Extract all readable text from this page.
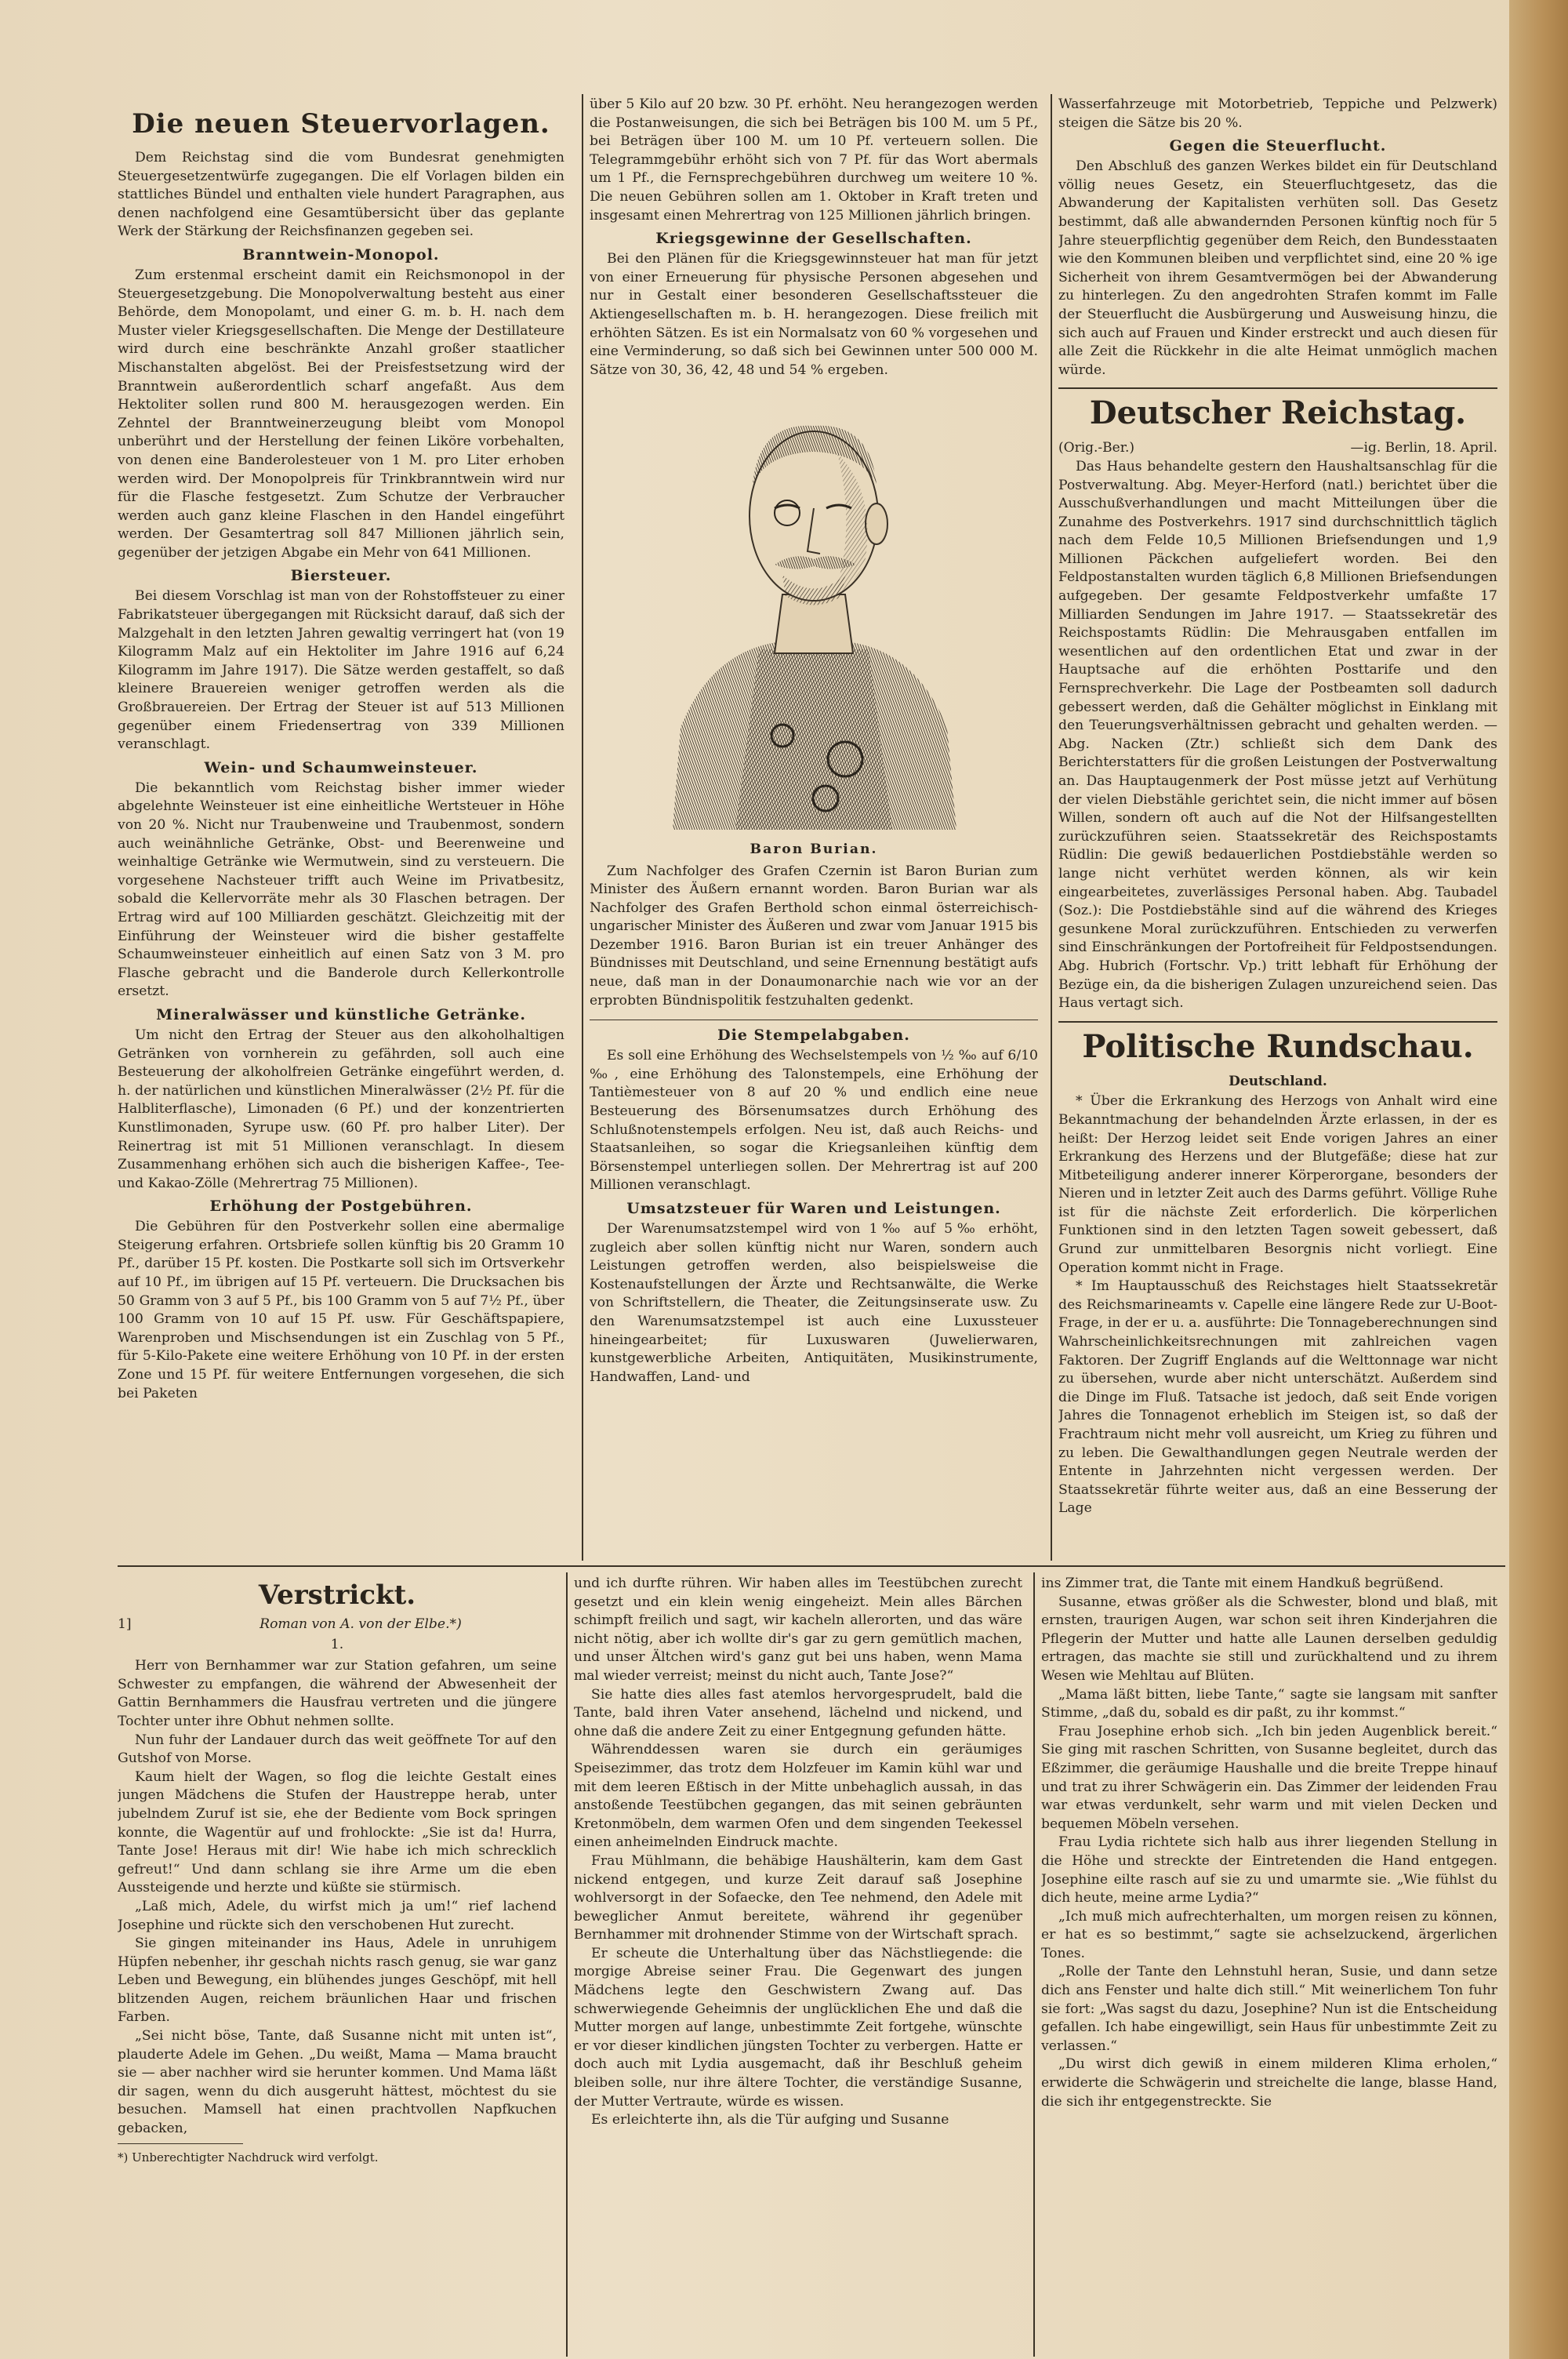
Die neuen Steuervorlagen.

Dem Reichstag sind die vom Bundesrat genehmigten Steuergesetzentwürfe zugegangen. Die elf Vorlagen bilden ein stattliches Bündel und enthalten viele hundert Paragraphen, aus denen nachfolgend eine Gesamtübersicht über das geplante Werk der Stärkung der Reichsfinanzen gegeben sei.

Branntwein-Monopol.

Zum erstenmal erscheint damit ein Reichsmonopol in der Steuergesetzgebung. Die Monopolverwaltung besteht aus einer Behörde, dem Monopolamt, und einer G. m. b. H. nach dem Muster vieler Kriegsgesellschaften. Die Menge der Destillateure wird durch eine beschränkte Anzahl großer staatlicher Mischanstalten abgelöst. Bei der Preisfestsetzung wird der Branntwein außerordentlich scharf angefaßt. Aus dem Hektoliter sollen rund 800 M. herausgezogen werden. Ein Zehntel der Branntweinerzeugung bleibt vom Monopol unberührt und der Herstellung der feinen Liköre vorbehalten, von denen eine Banderolesteuer von 1 M. pro Liter erhoben werden wird. Der Monopolpreis für Trinkbranntwein wird nur für die Flasche festgesetzt. Zum Schutze der Verbraucher werden auch ganz kleine Flaschen in den Handel eingeführt werden. Der Gesamtertrag soll 847 Millionen jährlich sein, gegenüber der jetzigen Abgabe ein Mehr von 641 Millionen.

Biersteuer.

Bei diesem Vorschlag ist man von der Rohstoffsteuer zu einer Fabrikatsteuer übergegangen mit Rücksicht darauf, daß sich der Malzgehalt in den letzten Jahren gewaltig verringert hat (von 19 Kilogramm Malz auf ein Hektoliter im Jahre 1916 auf 6,24 Kilogramm im Jahre 1917). Die Sätze werden gestaffelt, so daß kleinere Brauereien weniger getroffen werden als die Großbrauereien. Der Ertrag der Steuer ist auf 513 Millionen gegenüber einem Friedensertrag von 339 Millionen veranschlagt.

Wein- und Schaumweinsteuer.

Die bekanntlich vom Reichstag bisher immer wieder abgelehnte Weinsteuer ist eine einheitliche Wertsteuer in Höhe von 20 %. Nicht nur Traubenweine und Traubenmost, sondern auch weinähnliche Getränke, Obst- und Beerenweine und weinhaltige Getränke wie Wermutwein, sind zu versteuern. Die vorgesehene Nachsteuer trifft auch Weine im Privatbesitz, sobald die Kellervorräte mehr als 30 Flaschen betragen. Der Ertrag wird auf 100 Milliarden geschätzt. Gleichzeitig mit der Einführung der Weinsteuer wird die bisher gestaffelte Schaumweinsteuer einheitlich auf einen Satz von 3 M. pro Flasche gebracht und die Banderole durch Kellerkontrolle ersetzt.

Mineralwässer und künstliche Getränke.

Um nicht den Ertrag der Steuer aus den alkoholhaltigen Getränken von vornherein zu gefährden, soll auch eine Besteuerung der alkoholfreien Getränke eingeführt werden, d. h. der natürlichen und künstlichen Mineralwässer (2½ Pf. für die Halbliterflasche), Limonaden (6 Pf.) und der konzentrierten Kunstlimonaden, Syrupe usw. (60 Pf. pro halber Liter). Der Reinertrag ist mit 51 Millionen veranschlagt. In diesem Zusammenhang erhöhen sich auch die bisherigen Kaffee-, Tee- und Kakao-Zölle (Mehrertrag 75 Millionen).

Erhöhung der Postgebühren.

Die Gebühren für den Postverkehr sollen eine abermalige Steigerung erfahren. Ortsbriefe sollen künftig bis 20 Gramm 10 Pf., darüber 15 Pf. kosten. Die Postkarte soll sich im Ortsverkehr auf 10 Pf., im übrigen auf 15 Pf. verteuern. Die Drucksachen bis 50 Gramm von 3 auf 5 Pf., bis 100 Gramm von 5 auf 7½ Pf., über 100 Gramm von 10 auf 15 Pf. usw. Für Geschäftspapiere, Warenproben und Mischsendungen ist ein Zuschlag von 5 Pf., für 5-Kilo-Pakete eine weitere Erhöhung von 10 Pf. in der ersten Zone und 15 Pf. für weitere Entfernungen vorgesehen, die sich bei Paketen

über 5 Kilo auf 20 bzw. 30 Pf. erhöht. Neu herangezogen werden die Postanweisungen, die sich bei Beträgen bis 100 M. um 5 Pf., bei Beträgen über 100 M. um 10 Pf. verteuern sollen. Die Telegrammgebühr erhöht sich von 7 Pf. für das Wort abermals um 1 Pf., die Fernsprechgebühren durchweg um weitere 10 %. Die neuen Gebühren sollen am 1. Oktober in Kraft treten und insgesamt einen Mehrertrag von 125 Millionen jährlich bringen.

Kriegsgewinne der Gesellschaften.

Bei den Plänen für die Kriegsgewinnsteuer hat man für jetzt von einer Erneuerung für physische Personen abgesehen und nur in Gestalt einer besonderen Gesellschaftssteuer die Aktiengesellschaften m. b. H. herangezogen. Diese freilich mit erhöhten Sätzen. Es ist ein Normalsatz von 60 % vorgesehen und eine Verminderung, so daß sich bei Gewinnen unter 500 000 M. Sätze von 30, 36, 42, 48 und 54 % ergeben.

Baron Burian.

Zum Nachfolger des Grafen Czernin ist Baron Burian zum Minister des Äußern ernannt worden. Baron Burian war als Nachfolger des Grafen Berthold schon einmal österreichisch-ungarischer Minister des Äußeren und zwar vom Januar 1915 bis Dezember 1916. Baron Burian ist ein treuer Anhänger des Bündnisses mit Deutschland, und seine Ernennung bestätigt aufs neue, daß man in der Donaumonarchie nach wie vor an der erprobten Bündnispolitik festzuhalten gedenkt.

Die Stempelabgaben.

Es soll eine Erhöhung des Wechselstempels von ½ ‰ auf 6/10 ‰, eine Erhöhung des Talonstempels, eine Erhöhung der Tantièmesteuer von 8 auf 20 % und endlich eine neue Besteuerung des Börsenumsatzes durch Erhöhung des Schlußnotenstempels erfolgen. Neu ist, daß auch Reichs- und Staatsanleihen, so sogar die Kriegsanleihen künftig dem Börsenstempel unterliegen sollen. Der Mehrertrag ist auf 200 Millionen veranschlagt.

Umsatzsteuer für Waren und Leistungen.

Der Warenumsatzstempel wird von 1‰ auf 5‰ erhöht, zugleich aber sollen künftig nicht nur Waren, sondern auch Leistungen getroffen werden, also beispielsweise die Kostenaufstellungen der Ärzte und Rechtsanwälte, die Werke von Schriftstellern, die Theater, die Zeitungsinserate usw. Zu den Warenumsatzstempel ist auch eine Luxussteuer hineingearbeitet; für Luxuswaren (Juwelierwaren, kunstgewerbliche Arbeiten, Antiquitäten, Musikinstrumente, Handwaffen, Land- und

Wasserfahrzeuge mit Motorbetrieb, Teppiche und Pelzwerk) steigen die Sätze bis 20 %.

Gegen die Steuerflucht.

Den Abschluß des ganzen Werkes bildet ein für Deutschland völlig neues Gesetz, ein Steuerfluchtgesetz, das die Abwanderung der Kapitalisten verhüten soll. Das Gesetz bestimmt, daß alle abwandernden Personen künftig noch für 5 Jahre steuerpflichtig gegenüber dem Reich, den Bundesstaaten wie den Kommunen bleiben und verpflichtet sind, eine 20 % ige Sicherheit von ihrem Gesamtvermögen bei der Abwanderung zu hinterlegen. Zu den angedrohten Strafen kommt im Falle der Steuerflucht die Ausbürgerung und Ausweisung hinzu, die sich auch auf Frauen und Kinder erstreckt und auch diesen für alle Zeit die Rückkehr in die alte Heimat unmöglich machen würde.

Deutscher Reichstag.
(Orig.-Ber.)	—ig. Berlin, 18. April.

Das Haus behandelte gestern den Haushaltsanschlag für die Postverwaltung. Abg. Meyer-Herford (natl.) berichtet über die Ausschußverhandlungen und macht Mitteilungen über die Zunahme des Postverkehrs. 1917 sind durchschnittlich täglich nach dem Felde 10,5 Millionen Briefsendungen und 1,9 Millionen Päckchen aufgeliefert worden. Bei den Feldpostanstalten wurden täglich 6,8 Millionen Briefsendungen aufgegeben. Der gesamte Feldpostverkehr umfaßte 17 Milliarden Sendungen im Jahre 1917. — Staatssekretär des Reichspostamts Rüdlin: Die Mehrausgaben entfallen im wesentlichen auf den ordentlichen Etat und zwar in der Hauptsache auf die erhöhten Posttarife und den Fernsprechverkehr. Die Lage der Postbeamten soll dadurch gebessert werden, daß die Gehälter möglichst in Einklang mit den Teuerungsverhältnissen gebracht und gehalten werden. — Abg. Nacken (Ztr.) schließt sich dem Dank des Berichterstatters für die großen Leistungen der Postverwaltung an. Das Hauptaugenmerk der Post müsse jetzt auf Verhütung der vielen Diebstähle gerichtet sein, die nicht immer auf bösen Willen, sondern oft auch auf die Not der Hilfsangestellten zurückzuführen seien. Staatssekretär des Reichspostamts Rüdlin: Die gewiß bedauerlichen Postdiebstähle werden so lange nicht verhütet werden können, als wir kein eingearbeitetes, zuverlässiges Personal haben. Abg. Taubadel (Soz.): Die Postdiebstähle sind auf die während des Krieges gesunkene Moral zurückzuführen. Entschieden zu verwerfen sind Einschränkungen der Portofreiheit für Feldpostsendungen. Abg. Hubrich (Fortschr. Vp.) tritt lebhaft für Erhöhung der Bezüge ein, da die bisherigen Zulagen unzureichend seien. Das Haus vertagt sich.

Politische Rundschau.
Deutschland.

* Über die Erkrankung des Herzogs von Anhalt wird eine Bekanntmachung der behandelnden Ärzte erlassen, in der es heißt: Der Herzog leidet seit Ende vorigen Jahres an einer Erkrankung des Herzens und der Blutgefäße; diese hat zur Mitbeteiligung anderer innerer Körperorgane, besonders der Nieren und in letzter Zeit auch des Darms geführt. Völlige Ruhe ist für die nächste Zeit erforderlich. Die körperlichen Funktionen sind in den letzten Tagen soweit gebessert, daß Grund zur unmittelbaren Besorgnis nicht vorliegt. Eine Operation kommt nicht in Frage.

* Im Hauptausschuß des Reichstages hielt Staatssekretär des Reichsmarineamts v. Capelle eine längere Rede zur U-Boot-Frage, in der er u. a. ausführte: Die Tonnageberechnungen sind Wahrscheinlichkeitsrechnungen mit zahlreichen vagen Faktoren. Der Zugriff Englands auf die Welttonnage war nicht zu übersehen, wurde aber nicht unterschätzt. Außerdem sind die Dinge im Fluß. Tatsache ist jedoch, daß seit Ende vorigen Jahres die Tonnagenot erheblich im Steigen ist, so daß der Frachtraum nicht mehr voll ausreicht, um Krieg zu führen und zu leben. Die Gewalthandlungen gegen Neutrale werden der Entente in Jahrzehnten nicht vergessen werden. Der Staatssekretär führte weiter aus, daß an eine Besserung der Lage

Verstrickt.
1]	Roman von A. von der Elbe.*)
1.

Herr von Bernhammer war zur Station gefahren, um seine Schwester zu empfangen, die während der Abwesenheit der Gattin Bernhammers die Hausfrau vertreten und die jüngere Tochter unter ihre Obhut nehmen sollte.

Nun fuhr der Landauer durch das weit geöffnete Tor auf den Gutshof von Morse.

Kaum hielt der Wagen, so flog die leichte Gestalt eines jungen Mädchens die Stufen der Haustreppe herab, unter jubelndem Zuruf ist sie, ehe der Bediente vom Bock springen konnte, die Wagentür auf und frohlockte: „Sie ist da! Hurra, Tante Jose! Heraus mit dir! Wie habe ich mich schrecklich gefreut!“ Und dann schlang sie ihre Arme um die eben Aussteigende und herzte und küßte sie stürmisch.

„Laß mich, Adele, du wirfst mich ja um!“ rief lachend Josephine und rückte sich den verschobenen Hut zurecht.

Sie gingen miteinander ins Haus, Adele in unruhigem Hüpfen nebenher, ihr geschah nichts rasch genug, sie war ganz Leben und Bewegung, ein blühendes junges Geschöpf, mit hell blitzenden Augen, reichem bräunlichen Haar und frischen Farben.

„Sei nicht böse, Tante, daß Susanne nicht mit unten ist“, plauderte Adele im Gehen. „Du weißt, Mama — Mama braucht sie — aber nachher wird sie herunter kommen. Und Mama läßt dir sagen, wenn du dich ausgeruht hättest, möchtest du sie besuchen. Mamsell hat einen prachtvollen Napfkuchen gebacken,

*) Unberechtigter Nachdruck wird verfolgt.

und ich durfte rühren. Wir haben alles im Teestübchen zurecht gesetzt und ein klein wenig eingeheizt. Mein alles Bärchen schimpft freilich und sagt, wir kacheln allerorten, und das wäre nicht nötig, aber ich wollte dir's gar zu gern gemütlich machen, und unser Ältchen wird's ganz gut bei uns haben, wenn Mama mal wieder verreist; meinst du nicht auch, Tante Jose?“

Sie hatte dies alles fast atemlos hervorgesprudelt, bald die Tante, bald ihren Vater ansehend, lächelnd und nickend, und ohne daß die andere Zeit zu einer Entgegnung gefunden hätte.

Währenddessen waren sie durch ein geräumiges Speisezimmer, das trotz dem Holzfeuer im Kamin kühl war und mit dem leeren Eßtisch in der Mitte unbehaglich aussah, in das anstoßende Teestübchen gegangen, das mit seinen gebräunten Kretonmöbeln, dem warmen Ofen und dem singenden Teekessel einen anheimelnden Eindruck machte.

Frau Mühlmann, die behäbige Haushälterin, kam dem Gast nickend entgegen, und kurze Zeit darauf saß Josephine wohlversorgt in der Sofaecke, den Tee nehmend, den Adele mit beweglicher Anmut bereitete, während ihr gegenüber Bernhammer mit drohnender Stimme von der Wirtschaft sprach.

Er scheute die Unterhaltung über das Nächstliegende: die morgige Abreise seiner Frau. Die Gegenwart des jungen Mädchens legte den Geschwistern Zwang auf. Das schwerwiegende Geheimnis der unglücklichen Ehe und daß die Mutter morgen auf lange, unbestimmte Zeit fortgehe, wünschte er vor dieser kindlichen jüngsten Tochter zu verbergen. Hatte er doch auch mit Lydia ausgemacht, daß ihr Beschluß geheim bleiben solle, nur ihre ältere Tochter, die verständige Susanne, der Mutter Vertraute, würde es wissen.

Es erleichterte ihn, als die Tür aufging und Susanne

ins Zimmer trat, die Tante mit einem Handkuß begrüßend.

Susanne, etwas größer als die Schwester, blond und blaß, mit ernsten, traurigen Augen, war schon seit ihren Kinderjahren die Pflegerin der Mutter und hatte alle Launen derselben geduldig ertragen, das machte sie still und zurückhaltend und zu ihrem Wesen wie Mehltau auf Blüten.

„Mama läßt bitten, liebe Tante,“ sagte sie langsam mit sanfter Stimme, „daß du, sobald es dir paßt, zu ihr kommst.“

Frau Josephine erhob sich. „Ich bin jeden Augenblick bereit.“ Sie ging mit raschen Schritten, von Susanne begleitet, durch das Eßzimmer, die geräumige Haushalle und die breite Treppe hinauf und trat zu ihrer Schwägerin ein. Das Zimmer der leidenden Frau war etwas verdunkelt, sehr warm und mit vielen Decken und bequemen Möbeln versehen.

Frau Lydia richtete sich halb aus ihrer liegenden Stellung in die Höhe und streckte der Eintretenden die Hand entgegen. Josephine eilte rasch auf sie zu und umarmte sie. „Wie fühlst du dich heute, meine arme Lydia?“

„Ich muß mich aufrechterhalten, um morgen reisen zu können, er hat es so bestimmt,“ sagte sie achselzuckend, ärgerlichen Tones.

„Rolle der Tante den Lehnstuhl heran, Susie, und dann setze dich ans Fenster und halte dich still.“ Mit weinerlichem Ton fuhr sie fort: „Was sagst du dazu, Josephine? Nun ist die Entscheidung gefallen. Ich habe eingewilligt, sein Haus für unbestimmte Zeit zu verlassen.“

„Du wirst dich gewiß in einem milderen Klima erholen,“ erwiderte die Schwägerin und streichelte die lange, blasse Hand, die sich ihr entgegenstreckte. Sie
